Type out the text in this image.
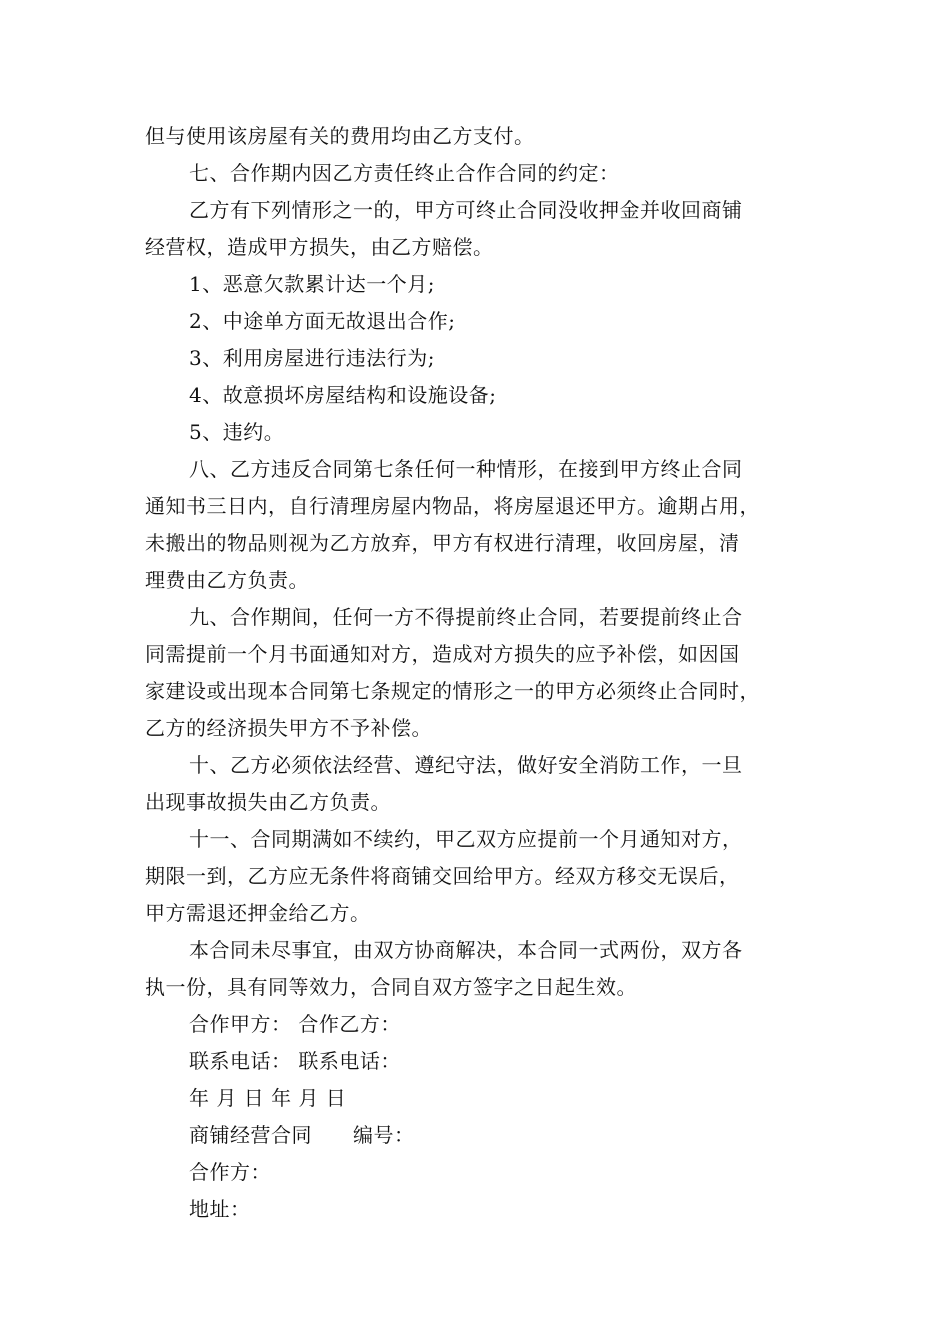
但与使用该房屋有关的费用均由乙方支付。

七、合作期内因乙方责任终止合作合同的约定：

乙方有下列情形之一的，甲方可终止合同没收押金并收回商铺

经营权，造成甲方损失，由乙方赔偿。

1、恶意欠款累计达一个月;

2、中途单方面无故退出合作;

3、利用房屋进行违法行为;

4、故意损坏房屋结构和设施设备;

5、违约。

八、乙方违反合同第七条任何一种情形，在接到甲方终止合同

通知书三日内，自行清理房屋内物品，将房屋退还甲方。逾期占用，

未搬出的物品则视为乙方放弃，甲方有权进行清理，收回房屋，清

理费由乙方负责。

九、合作期间，任何一方不得提前终止合同，若要提前终止合

同需提前一个月书面通知对方，造成对方损失的应予补偿，如因国

家建设或出现本合同第七条规定的情形之一的甲方必须终止合同时，

乙方的经济损失甲方不予补偿。

十、乙方必须依法经营、遵纪守法，做好安全消防工作，一旦

出现事故损失由乙方负责。

十一、合同期满如不续约，甲乙双方应提前一个月通知对方，

期限一到，乙方应无条件将商铺交回给甲方。经双方移交无误后，

甲方需退还押金给乙方。

本合同未尽事宜，由双方协商解决，本合同一式两份，双方各

执一份，具有同等效力，合同自双方签字之日起生效。

合作甲方： 合作乙方：

联系电话： 联系电话：

年 月 日 年 月 日

商铺经营合同　　编号：

合作方：

地址：
